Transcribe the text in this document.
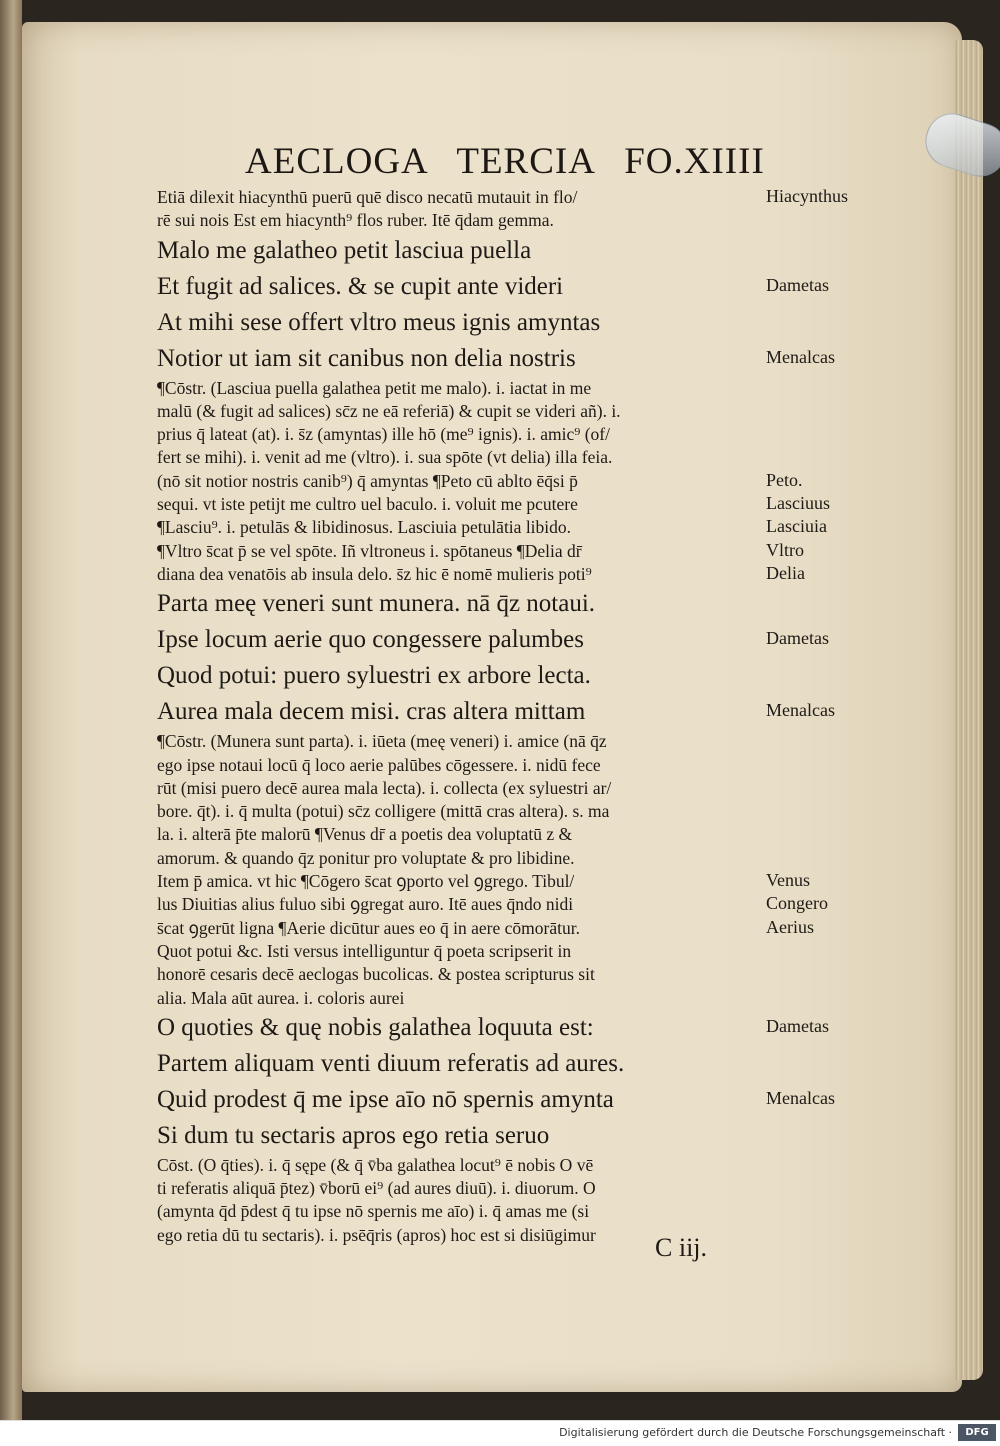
AECLOGA TERCIA FO.XIIII
Etiā dilexit hiacynthū puerū quē disco necatū mutauit in flo/
rē sui nois Est em hiacynth⁹ flos ruber. Itē q̄dam gemma.
Malo me galatheo petit lasciua puella
Et fugit ad salices. & se cupit ante videri
At mihi sese offert vltro meus ignis amyntas
Notior ut iam sit canibus non delia nostris
¶Cōstr. (Lasciua puella galathea petit me malo). i. iactat in me
malū (& fugit ad salices) sc̄z ne eā referiā) & cupit se videri añ). i.
prius q̄ lateat (at). i. s̄z (amyntas) ille hō (me⁹ ignis). i. amic⁹ (of/
fert se mihi). i. venit ad me (vltro). i. sua spōte (vt delia) illa feia.
(nō sit notior nostris canib⁹) q̄ amyntas ¶Peto cū ablto ēq̄si p̄
sequi. vt iste petijt me cultro uel baculo. i. voluit me pcutere
¶Lasciu⁹. i. petulās & libidinosus. Lasciuia petulātia libido.
¶Vltro s̄cat p̄ se vel spōte. Iñ vltroneus i. spōtaneus ¶Delia dr̄
diana dea venatōis ab insula delo. s̄z hic ē nomē mulieris poti⁹
Parta meę veneri sunt munera. nā q̄z notaui.
Ipse locum aerie quo congessere palumbes
Quod potui: puero syluestri ex arbore lecta.
Aurea mala decem misi. cras altera mittam
¶Cōstr. (Munera sunt parta). i. iūeta (meę veneri) i. amice (nā q̄z
ego ipse notaui locū q̄ loco aerie palūbes cōgessere. i. nidū fece
rūt (misi puero decē aurea mala lecta). i. collecta (ex syluestri ar/
bore. q̄t). i. q̄ multa (potui) sc̄z colligere (mittā cras altera). s. ma
la. i. alterā p̄te malorū ¶Venus dr̄ a poetis dea voluptatū z &
amorum. & quando q̄z ponitur pro voluptate & pro libidine.
Item p̄ amica. vt hic ¶Cōgero s̄cat ꝯporto vel ꝯgrego. Tibul/
lus Diuitias alius fuluo sibi ꝯgregat auro. Itē aues q̄ndo nidi
s̄cat ꝯgerūt ligna ¶Aerie dicūtur aues eo q̄ in aere cōmorātur.
Quot potui &c. Isti versus intelliguntur q̄ poeta scripserit in
honorē cesaris decē aeclogas bucolicas. & postea scripturus sit
alia. Mala aūt aurea. i. coloris aurei
O quoties & quę nobis galathea loquuta est:
Partem aliquam venti diuum referatis ad aures.
Quid prodest q̄ me ipse aīo nō spernis amynta
Si dum tu sectaris apros ego retia seruo
Cōst. (O q̄ties). i. q̄ sępe (& q̄ v̄ba galathea locut⁹ ē nobis O vē
ti referatis aliquā p̄tez) v̄borū ei⁹ (ad aures diuū). i. diuorum. O
(amynta q̄d p̄dest q̄ tu ipse nō spernis me aīo) i. q̄ amas me (si
ego retia dū tu sectaris). i. psēq̄ris (apros) hoc est si disiūgimur
Hiacynthus
Dametas
Menalcas
Peto.
Lasciuus
Lasciuia
Vltro
Delia
Dametas
Menalcas
Venus
Congero
Aerius
Dametas
Menalcas
C iij.
Digitalisierung gefördert durch die Deutsche Forschungsgemeinschaft ·	DFG
